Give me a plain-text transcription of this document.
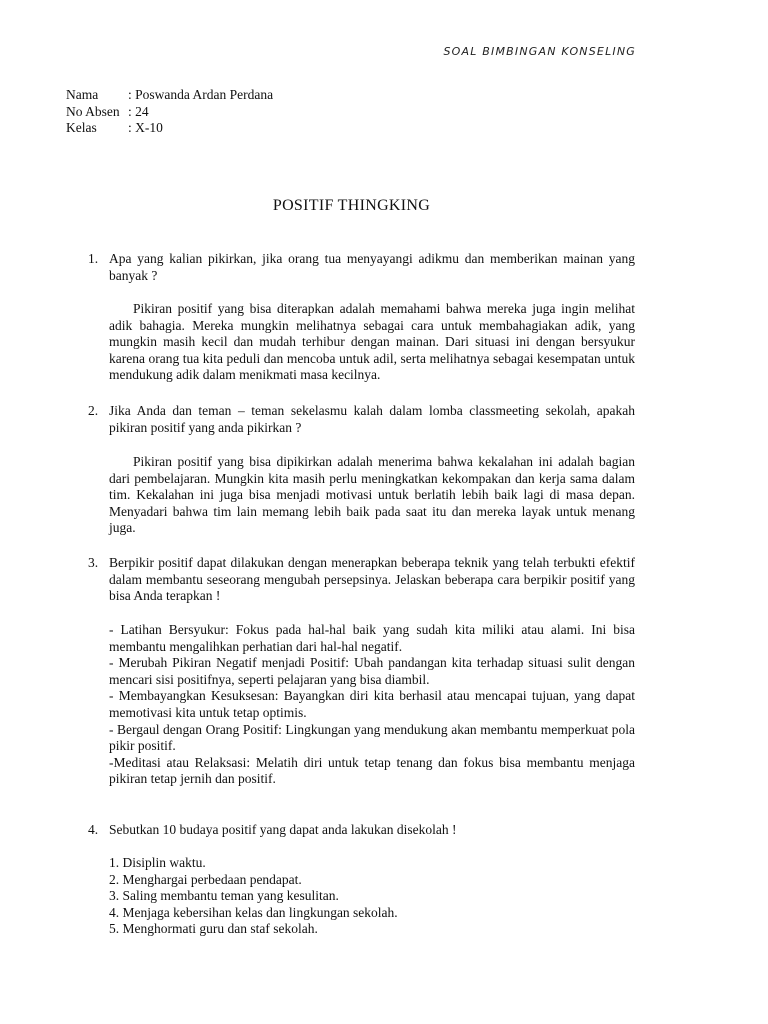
SOAL BIMBINGAN KONSELING
Nama	: Poswanda Ardan Perdana
No Absen : 24
Kelas	: X-10
POSITIF THINGKING
1. Apa yang kalian pikirkan, jika orang tua menyayangi adikmu dan memberikan mainan yang banyak ?
Pikiran positif yang bisa diterapkan adalah memahami bahwa mereka juga ingin melihat adik bahagia. Mereka mungkin melihatnya sebagai cara untuk membahagiakan adik, yang mungkin masih kecil dan mudah terhibur dengan mainan. Dari situasi ini dengan bersyukur karena orang tua kita peduli dan mencoba untuk adil, serta melihatnya sebagai kesempatan untuk mendukung adik dalam menikmati masa kecilnya.
2. Jika Anda dan teman – teman sekelasmu kalah dalam lomba classmeeting sekolah, apakah pikiran positif yang anda pikirkan ?
Pikiran positif yang bisa dipikirkan adalah menerima bahwa kekalahan ini adalah bagian dari pembelajaran. Mungkin kita masih perlu meningkatkan kekompakan dan kerja sama dalam tim. Kekalahan ini juga bisa menjadi motivasi untuk berlatih lebih baik lagi di masa depan. Menyadari bahwa tim lain memang lebih baik pada saat itu dan mereka layak untuk menang juga.
3. Berpikir positif dapat dilakukan dengan menerapkan beberapa teknik yang telah terbukti efektif dalam membantu seseorang mengubah persepsinya. Jelaskan beberapa cara berpikir positif yang bisa Anda terapkan !

- Latihan Bersyukur: Fokus pada hal-hal baik yang sudah kita miliki atau alami. Ini bisa membantu mengalihkan perhatian dari hal-hal negatif.

- Merubah Pikiran Negatif menjadi Positif: Ubah pandangan kita terhadap situasi sulit dengan mencari sisi positifnya, seperti pelajaran yang bisa diambil.

- Membayangkan Kesuksesan: Bayangkan diri kita berhasil atau mencapai tujuan, yang dapat memotivasi kita untuk tetap optimis.

- Bergaul dengan Orang Positif: Lingkungan yang mendukung akan membantu memperkuat pola pikir positif.

-Meditasi atau Relaksasi: Melatih diri untuk tetap tenang dan fokus bisa membantu menjaga pikiran tetap jernih dan positif.

4. Sebutkan 10 budaya positif yang dapat anda lakukan disekolah !

1. Disiplin waktu.

2. Menghargai perbedaan pendapat.

3. Saling membantu teman yang kesulitan.

4. Menjaga kebersihan kelas dan lingkungan sekolah.

5. Menghormati guru dan staf sekolah.
